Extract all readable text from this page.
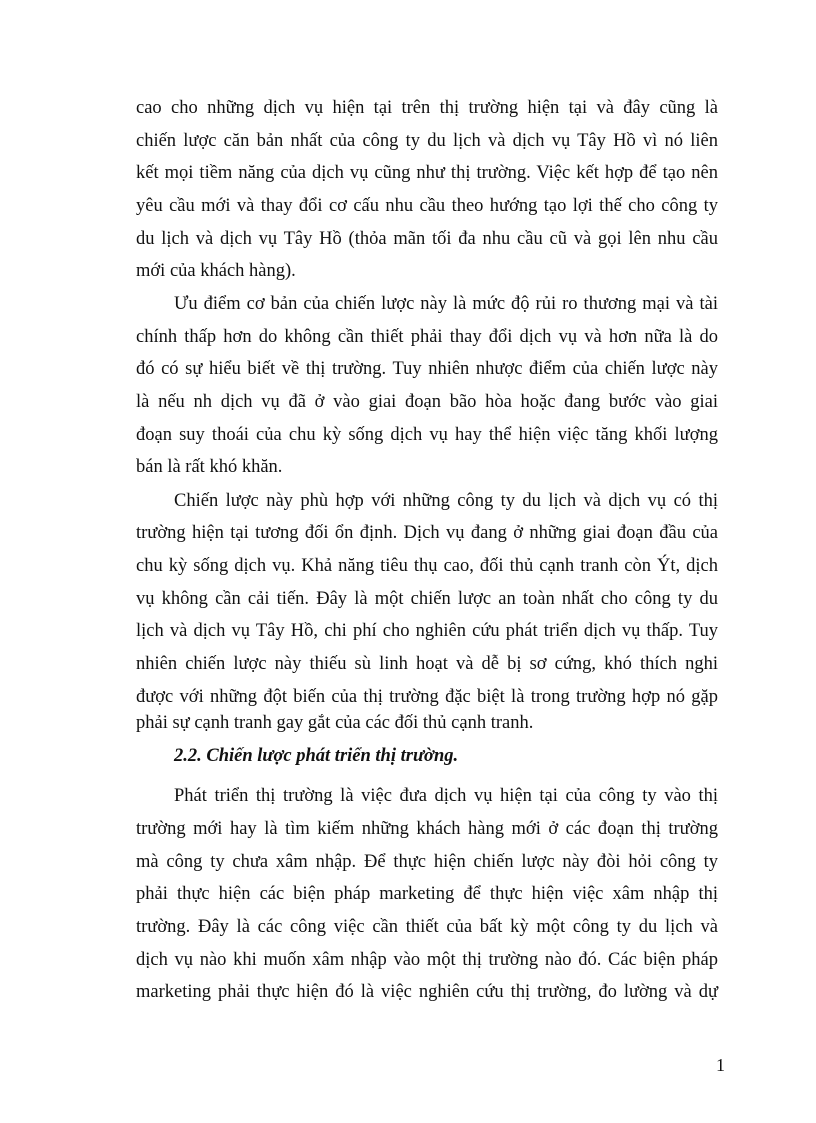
cao cho những dịch vụ hiện tại trên thị trường hiện tại và đây cũng là
chiến lược căn bản nhất của công ty du lịch và dịch vụ Tây Hồ vì nó liên
kết mọi tiềm năng của dịch vụ cũng như thị trường. Việc kết hợp để tạo nên
yêu cầu mới và thay đổi cơ cấu nhu cầu theo hướng tạo lợi thế cho công ty
du lịch và dịch vụ Tây Hồ (thỏa mãn tối đa nhu cầu cũ và gọi lên nhu cầu
mới của khách hàng).
Ưu điểm cơ bản của chiến lược này là mức độ rủi ro thương mại và tài
chính thấp hơn do không cần thiết phải thay đổi dịch vụ và hơn nữa là do
đó có sự hiểu biết về thị trường. Tuy nhiên nhược điểm của chiến lược này
là nếu nh dịch vụ đã ở vào giai đoạn bão hòa hoặc đang bước vào giai
đoạn suy thoái của chu kỳ sống dịch vụ hay thể hiện việc tăng khối lượng
bán là rất khó khăn.
Chiến lược này phù hợp với những công ty du lịch và dịch vụ có thị
trường hiện tại tương đối ổn định. Dịch vụ đang ở những giai đoạn đầu của
chu kỳ sống dịch vụ. Khả năng tiêu thụ cao, đối thủ cạnh tranh còn Ýt, dịch
vụ không cần cải tiến. Đây là một chiến lược an toàn nhất cho công ty du
lịch và dịch vụ Tây Hồ, chi phí cho nghiên cứu phát triển dịch vụ thấp. Tuy
nhiên chiến lược này thiếu sù linh hoạt và dễ bị sơ cứng, khó thích nghi
được với những đột biến của thị trường đặc biệt là trong trường hợp nó gặp
phải sự cạnh tranh gay gắt của các đối thủ cạnh tranh.
2.2. Chiến lược phát triển thị trường.
Phát triển thị trường là việc đưa dịch vụ hiện tại của công ty vào thị
trường mới hay là tìm kiếm những khách hàng mới ở các đoạn thị trường
mà công ty chưa xâm nhập. Để thực hiện chiến lược này đòi hỏi công ty
phải thực hiện các biện pháp marketing để thực hiện việc xâm nhập thị
trường. Đây là các công việc cần thiết của bất kỳ một công ty du lịch và
dịch vụ nào khi muốn xâm nhập vào một thị trường nào đó. Các biện pháp
marketing phải thực hiện đó là việc nghiên cứu thị trường, đo lường và dự
1
